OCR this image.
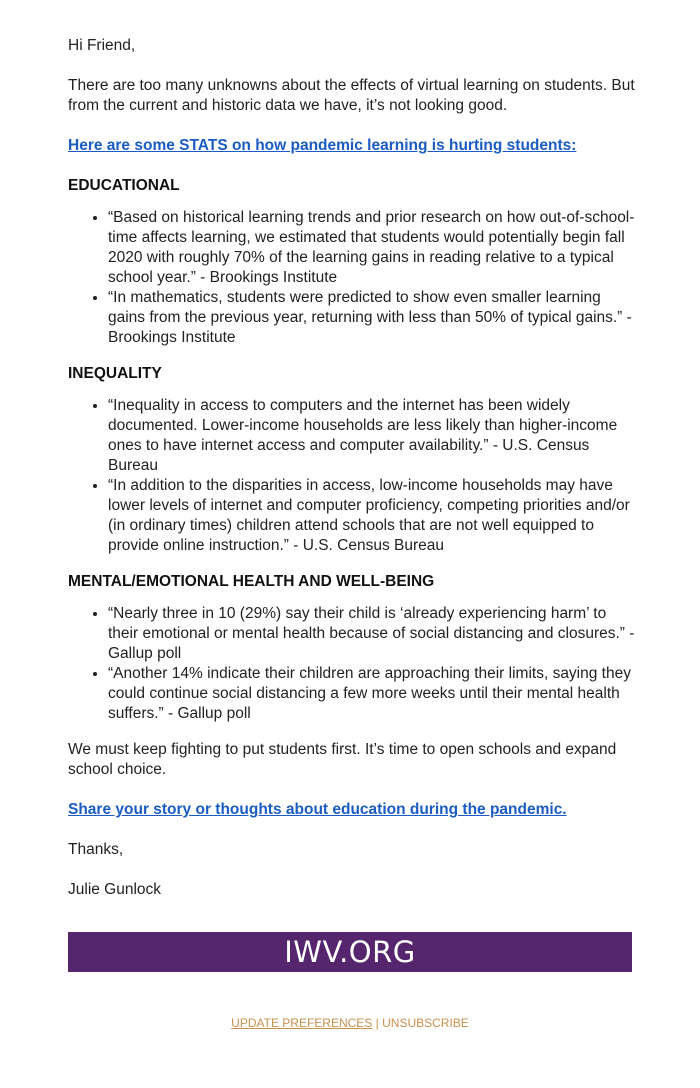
Hi Friend,

There are too many unknowns about the effects of virtual learning on students. But from the current and historic data we have, it’s not looking good.

Here are some STATS on how pandemic learning is hurting students:

EDUCATIONAL
• “Based on historical learning trends and prior research on how out-of-school-time affects learning, we estimated that students would potentially begin fall 2020 with roughly 70% of the learning gains in reading relative to a typical school year.” - Brookings Institute
• “In mathematics, students were predicted to show even smaller learning gains from the previous year, returning with less than 50% of typical gains.” - Brookings Institute
INEQUALITY
• “Inequality in access to computers and the internet has been widely documented. Lower-income households are less likely than higher-income ones to have internet access and computer availability.” - U.S. Census Bureau
• “In addition to the disparities in access, low-income households may have lower levels of internet and computer proficiency, competing priorities and/or (in ordinary times) children attend schools that are not well equipped to provide online instruction.” - U.S. Census Bureau
MENTAL/EMOTIONAL HEALTH AND WELL-BEING
• “Nearly three in 10 (29%) say their child is ‘already experiencing harm’ to their emotional or mental health because of social distancing and closures.” - Gallup poll
• “Another 14% indicate their children are approaching their limits, saying they could continue social distancing a few more weeks until their mental health suffers.” - Gallup poll

We must keep fighting to put students first. It’s time to open schools and expand school choice.

Share your story or thoughts about education during the pandemic.

Thanks,

Julie Gunlock

IWV.ORG
UPDATE PREFERENCES | UNSUBSCRIBE
